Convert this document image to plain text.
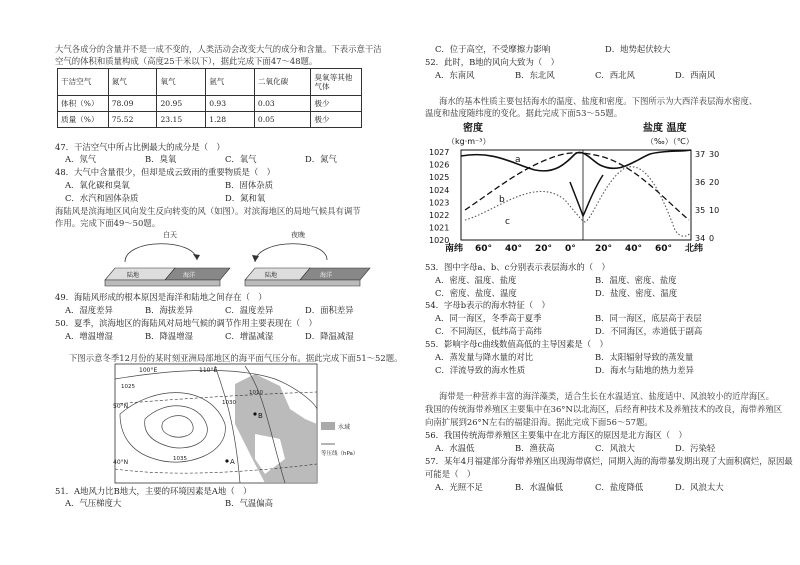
大气各成分的含量并不是一成不变的，人类活动会改变大气的成分和含量。下表示意干洁
空气的体积和质量构成（高度25千米以下），据此完成下面47～48题。
干洁空气	氮气	氧气	氩气	二氧化碳	臭氧等其他气体
体积（%）	78.09	20.95	0.93	0.03	极少
质量（%）	75.52	23.15	1.28	0.05	极少
47．干洁空气中所占比例最大的成分是（　）
A．氖气	B．臭氧	C．氧气	D．氮气
48．大气中含量很少，但却是成云致雨的重要物质是（　）
A．氧化碳和臭氧	B．固体杂质
C．水汽和固体杂质	D．氮和氧
海陆风是滨海地区风向发生反向转变的风（如图）。对滨海地区的局地气候具有调节
作用。完成下面49～50题。
白天
陆地	海洋
夜晚
陆地	海洋
49．海陆风形成的根本原因是海洋和陆地之间存在（　）
A．湿度差异	B．海拔差异	C．温度差异	D．面积差异
50．夏季，滨海地区的海陆风对局地气候的调节作用主要表现在（　）
A．增温增湿	B．降温增湿	C．增温减湿	D．降温减湿
下图示意冬季12月份的某时刻亚洲局部地区的海平面气压分布。据此完成下面51～52题。
100°E	110°E
50°N
40°N
1025
1010
1035
1030
A
B
水域
等压线（hPa）
51．A地风力比B地大，主要的环境因素是A地（　）
A．气压梯度大	B．气温偏高
C．位于高空，不受摩擦力影响	D．地势起伏较大
52．此时，B地的风向大致为（　）
A．东南风	B．东北风	C．西北风	D．西南风
海水的基本性质主要包括海水的温度、盐度和密度。下图所示为大西洋表层海水密度、
温度和盐度随纬度的变化。据此完成下面53～55题。
密度
（kg·m⁻³）
盐度 温度
（‰）（℃）
1027
1026
1025
1024
1023
1022
1021
1020
37
36
35
34
30
20
10
0
南纬 60° 40° 20° 0° 20° 40° 60° 北纬
a
b
c
53．图中字母a、b、c分别表示表层海水的（　）
A．密度、温度、盐度	B．温度、密度、盐度
C．密度、盐度、温度	D．盐度、密度、温度
54．字母b表示的海水特征（　）
A．同一海区，冬季高于夏季	B．同一海区，底层高于表层
C．不同海区，低纬高于高纬	D．不同海区，赤道低于副高
55．影响字母c曲线数值高低的主导因素是（　）
A．蒸发量与降水量的对比	B．太阳辐射导致的蒸发量
C．洋流导致的海水性质	D．海水与陆地的热力差异
海带是一种营养丰富的海洋藻类，适合生长在水温适宜、盐度适中、风浪较小的近岸海区。
我国的传统海带养殖区主要集中在36°N以北海区，后经育种技术及养殖技术的改良，海带养殖区
向南扩展到26°N左右的福建沿海。据此完成下面56～57题。
56．我国传统海带养殖区主要集中在北方海区的原因是北方海区（　）
A．水温低	B．渔获高	C．风浪大	D．污染轻
57．某年4月福建部分海带养殖区出现海带腐烂，同期入海的海带暴发期出现了大面积腐烂，原因最
可能是（　）
A．光照不足	B．水温偏低	C．盐度降低	D．风浪太大
